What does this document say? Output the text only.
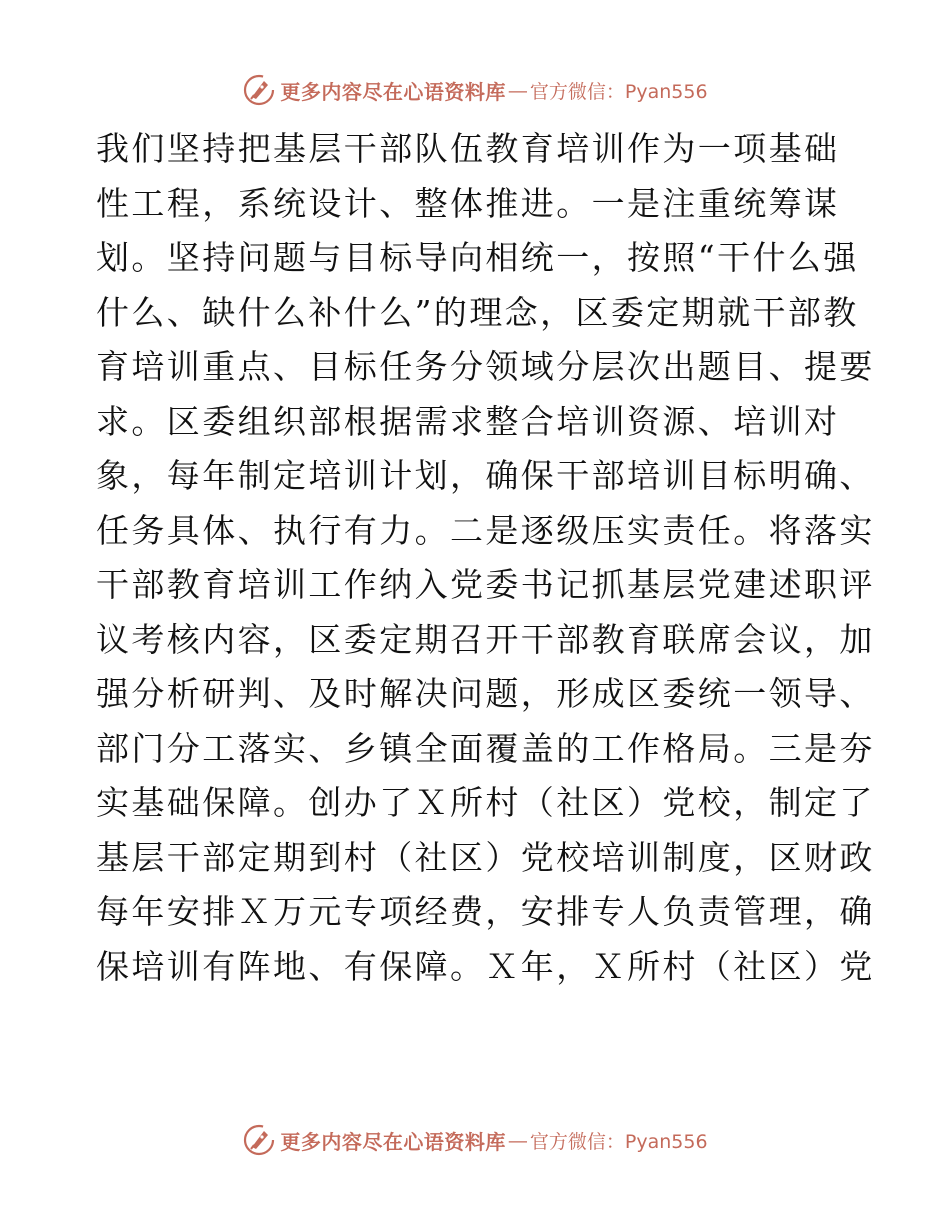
更多内容尽在心语资料库 — 官方微信：Pyan556
我们坚持把基层干部队伍教育培训作为一项基础
性工程，系统设计、整体推进。一是注重统筹谋
划。坚持问题与目标导向相统一，按照“干什么强
什么、缺什么补什么”的理念，区委定期就干部教
育培训重点、目标任务分领域分层次出题目、提要
求。区委组织部根据需求整合培训资源、培训对
象，每年制定培训计划，确保干部培训目标明确、
任务具体、执行有力。二是逐级压实责任。将落实
干部教育培训工作纳入党委书记抓基层党建述职评
议考核内容，区委定期召开干部教育联席会议，加
强分析研判、及时解决问题，形成区委统一领导、
部门分工落实、乡镇全面覆盖的工作格局。三是夯
实基础保障。创办了Ｘ所村（社区）党校，制定了
基层干部定期到村（社区）党校培训制度，区财政
每年安排Ｘ万元专项经费，安排专人负责管理，确
保培训有阵地、有保障。Ｘ年，Ｘ所村（社区）党
更多内容尽在心语资料库 — 官方微信：Pyan556
